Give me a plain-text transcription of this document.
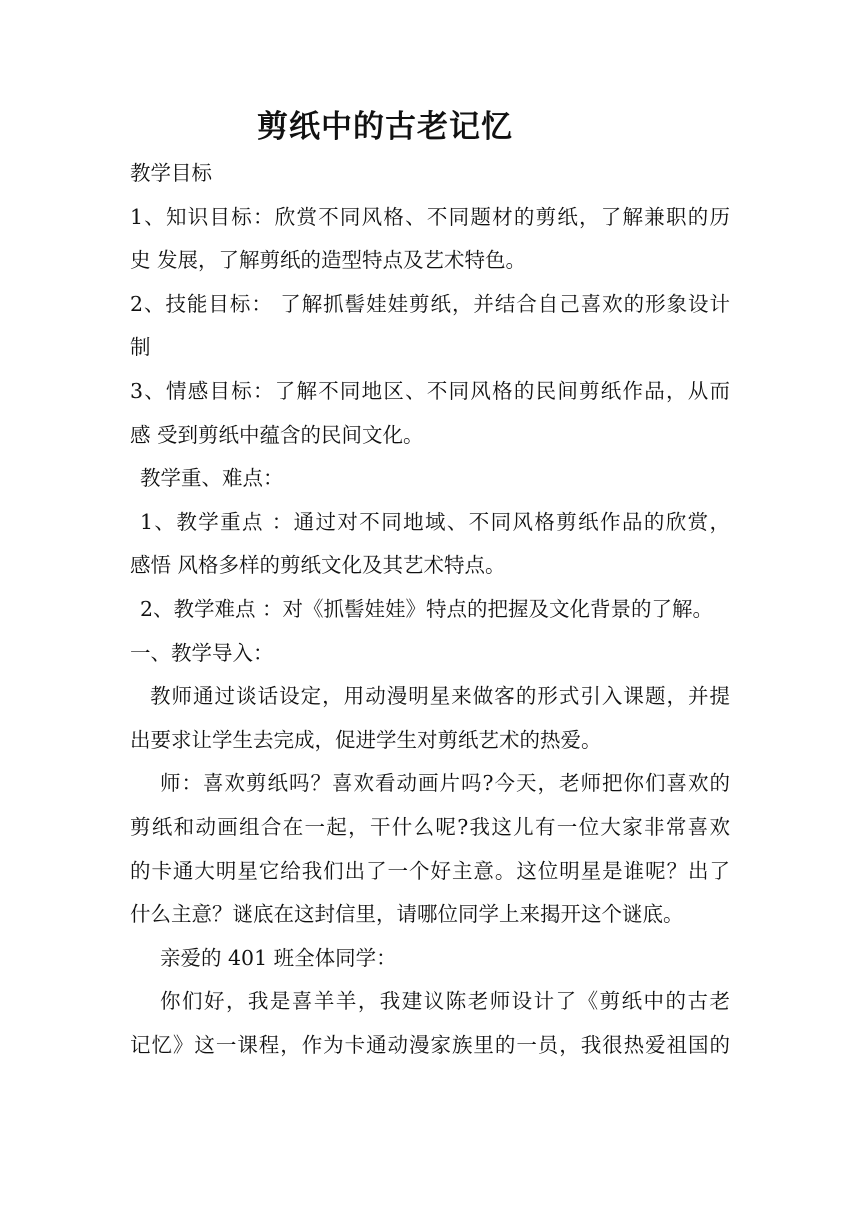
剪纸中的古老记忆
教学目标
1、知识目标：欣赏不同风格、不同题材的剪纸，了解兼职的历
史 发展，了解剪纸的造型特点及艺术特色。
2、技能目标： 了解抓髻娃娃剪纸，并结合自己喜欢的形象设计
制
3、情感目标：了解不同地区、不同风格的民间剪纸作品，从而
感 受到剪纸中蕴含的民间文化。
教学重、难点：
1、教学重点 ：通过对不同地域、不同风格剪纸作品的欣赏，
感悟 风格多样的剪纸文化及其艺术特点。
2、教学难点 ：对《抓髻娃娃》特点的把握及文化背景的了解。
一、教学导入：
教师通过谈话设定，用动漫明星来做客的形式引入课题，并提
出要求让学生去完成，促进学生对剪纸艺术的热爱。
师：喜欢剪纸吗？喜欢看动画片吗?今天，老师把你们喜欢的
剪纸和动画组合在一起，干什么呢?我这儿有一位大家非常喜欢
的卡通大明星它给我们出了一个好主意。这位明星是谁呢？出了
什么主意？谜底在这封信里，请哪位同学上来揭开这个谜底。
亲爱的 401 班全体同学：
你们好，我是喜羊羊，我建议陈老师设计了《剪纸中的古老
记忆》这一课程，作为卡通动漫家族里的一员，我很热爱祖国的
